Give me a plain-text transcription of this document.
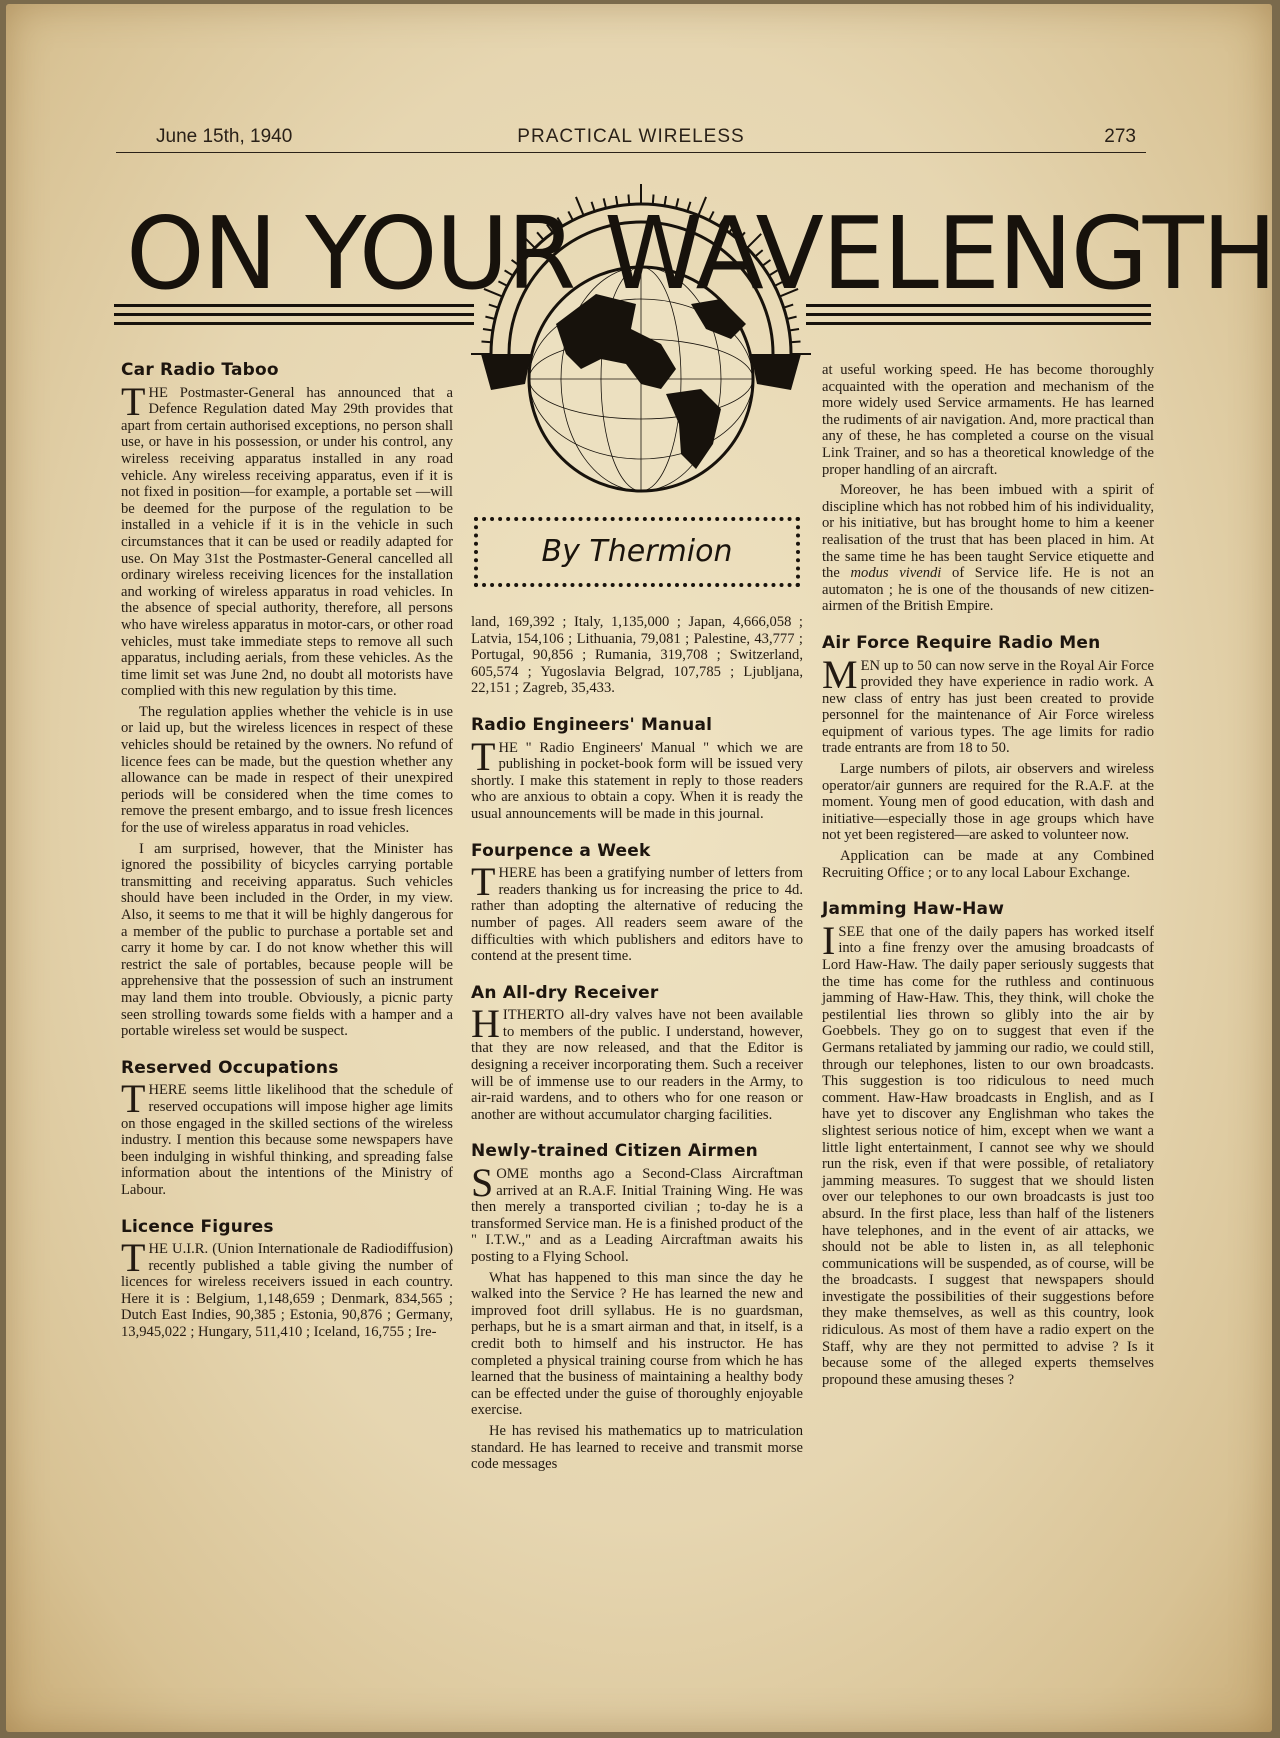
June 15th, 1940	PRACTICAL WIRELESS	273
ON YOUR WAVELENGTH
By Thermion
Car Radio Taboo

THE Postmaster-General has announced that a Defence Regulation dated May 29th provides that apart from certain authorised exceptions, no person shall use, or have in his possession, or under his control, any wireless receiving apparatus installed in any road vehicle. Any wireless receiving apparatus, even if it is not fixed in position—for example, a portable set —will be deemed for the purpose of the regulation to be installed in a vehicle if it is in the vehicle in such circumstances that it can be used or readily adapted for use. On May 31st the Postmaster-General cancelled all ordinary wireless receiving licences for the installation and working of wireless apparatus in road vehicles. In the absence of special authority, therefore, all persons who have wireless apparatus in motor-cars, or other road vehicles, must take immediate steps to remove all such apparatus, including aerials, from these vehicles. As the time limit set was June 2nd, no doubt all motorists have complied with this new regulation by this time.

The regulation applies whether the vehicle is in use or laid up, but the wireless licences in respect of these vehicles should be retained by the owners. No refund of licence fees can be made, but the question whether any allowance can be made in respect of their unexpired periods will be considered when the time comes to remove the present embargo, and to issue fresh licences for the use of wireless apparatus in road vehicles.

I am surprised, however, that the Minister has ignored the possibility of bicycles carrying portable transmitting and receiving apparatus. Such vehicles should have been included in the Order, in my view. Also, it seems to me that it will be highly dangerous for a member of the public to purchase a portable set and carry it home by car. I do not know whether this will restrict the sale of portables, because people will be apprehensive that the possession of such an instrument may land them into trouble. Obviously, a picnic party seen strolling towards some fields with a hamper and a portable wireless set would be suspect.

Reserved Occupations

THERE seems little likelihood that the schedule of reserved occupations will impose higher age limits on those engaged in the skilled sections of the wireless industry. I mention this because some newspapers have been indulging in wishful thinking, and spreading false information about the intentions of the Ministry of Labour.

Licence Figures

THE U.I.R. (Union Internationale de Radiodiffusion) recently published a table giving the number of licences for wireless receivers issued in each country. Here it is : Belgium, 1,148,659 ; Denmark, 834,565 ; Dutch East Indies, 90,385 ; Estonia, 90,876 ; Germany, 13,945,022 ; Hungary, 511,410 ; Iceland, 16,755 ; Ire-

land, 169,392 ; Italy, 1,135,000 ; Japan, 4,666,058 ; Latvia, 154,106 ; Lithuania, 79,081 ; Palestine, 43,777 ; Portugal, 90,856 ; Rumania, 319,708 ; Switzerland, 605,574 ; Yugoslavia Belgrad, 107,785 ; Ljubljana, 22,151 ; Zagreb, 35,433.

Radio Engineers' Manual

THE " Radio Engineers' Manual " which we are publishing in pocket-book form will be issued very shortly. I make this statement in reply to those readers who are anxious to obtain a copy. When it is ready the usual announcements will be made in this journal.

Fourpence a Week

THERE has been a gratifying number of letters from readers thanking us for increasing the price to 4d. rather than adopting the alternative of reducing the number of pages. All readers seem aware of the difficulties with which publishers and editors have to contend at the present time.

An All-dry Receiver

HITHERTO all-dry valves have not been available to members of the public. I understand, however, that they are now released, and that the Editor is designing a receiver incorporating them. Such a receiver will be of immense use to our readers in the Army, to air-raid wardens, and to others who for one reason or another are without accumulator charging facilities.

Newly-trained Citizen Airmen

SOME months ago a Second-Class Aircraftman arrived at an R.A.F. Initial Training Wing. He was then merely a transported civilian ; to-day he is a transformed Service man. He is a finished product of the " I.T.W.," and as a Leading Aircraftman awaits his posting to a Flying School.

What has happened to this man since the day he walked into the Service ? He has learned the new and improved foot drill syllabus. He is no guardsman, perhaps, but he is a smart airman and that, in itself, is a credit both to himself and his instructor. He has completed a physical training course from which he has learned that the business of maintaining a healthy body can be effected under the guise of thoroughly enjoyable exercise.

He has revised his mathematics up to matriculation standard. He has learned to receive and transmit morse code messages

at useful working speed. He has become thoroughly acquainted with the operation and mechanism of the more widely used Service armaments. He has learned the rudiments of air navigation. And, more practical than any of these, he has completed a course on the visual Link Trainer, and so has a theoretical knowledge of the proper handling of an aircraft.

Moreover, he has been imbued with a spirit of discipline which has not robbed him of his individuality, or his initiative, but has brought home to him a keener realisation of the trust that has been placed in him. At the same time he has been taught Service etiquette and the modus vivendi of Service life. He is not an automaton ; he is one of the thousands of new citizen-airmen of the British Empire.

Air Force Require Radio Men

MEN up to 50 can now serve in the Royal Air Force provided they have experience in radio work. A new class of entry has just been created to provide personnel for the maintenance of Air Force wireless equipment of various types. The age limits for radio trade entrants are from 18 to 50.

Large numbers of pilots, air observers and wireless operator/air gunners are required for the R.A.F. at the moment. Young men of good education, with dash and initiative—especially those in age groups which have not yet been registered—are asked to volunteer now.

Application can be made at any Combined Recruiting Office ; or to any local Labour Exchange.

Jamming Haw-Haw

ISEE that one of the daily papers has worked itself into a fine frenzy over the amusing broadcasts of Lord Haw-Haw. The daily paper seriously suggests that the time has come for the ruthless and continuous jamming of Haw-Haw. This, they think, will choke the pestilential lies thrown so glibly into the air by Goebbels. They go on to suggest that even if the Germans retaliated by jamming our radio, we could still, through our telephones, listen to our own broadcasts. This suggestion is too ridiculous to need much comment. Haw-Haw broadcasts in English, and as I have yet to discover any Englishman who takes the slightest serious notice of him, except when we want a little light entertainment, I cannot see why we should run the risk, even if that were possible, of retaliatory jamming measures. To suggest that we should listen over our telephones to our own broadcasts is just too absurd. In the first place, less than half of the listeners have telephones, and in the event of air attacks, we should not be able to listen in, as all telephonic communications will be suspended, as of course, will be the broadcasts. I suggest that newspapers should investigate the possibilities of their suggestions before they make themselves, as well as this country, look ridiculous. As most of them have a radio expert on the Staff, why are they not permitted to advise ? Is it because some of the alleged experts themselves propound these amusing theses ?
